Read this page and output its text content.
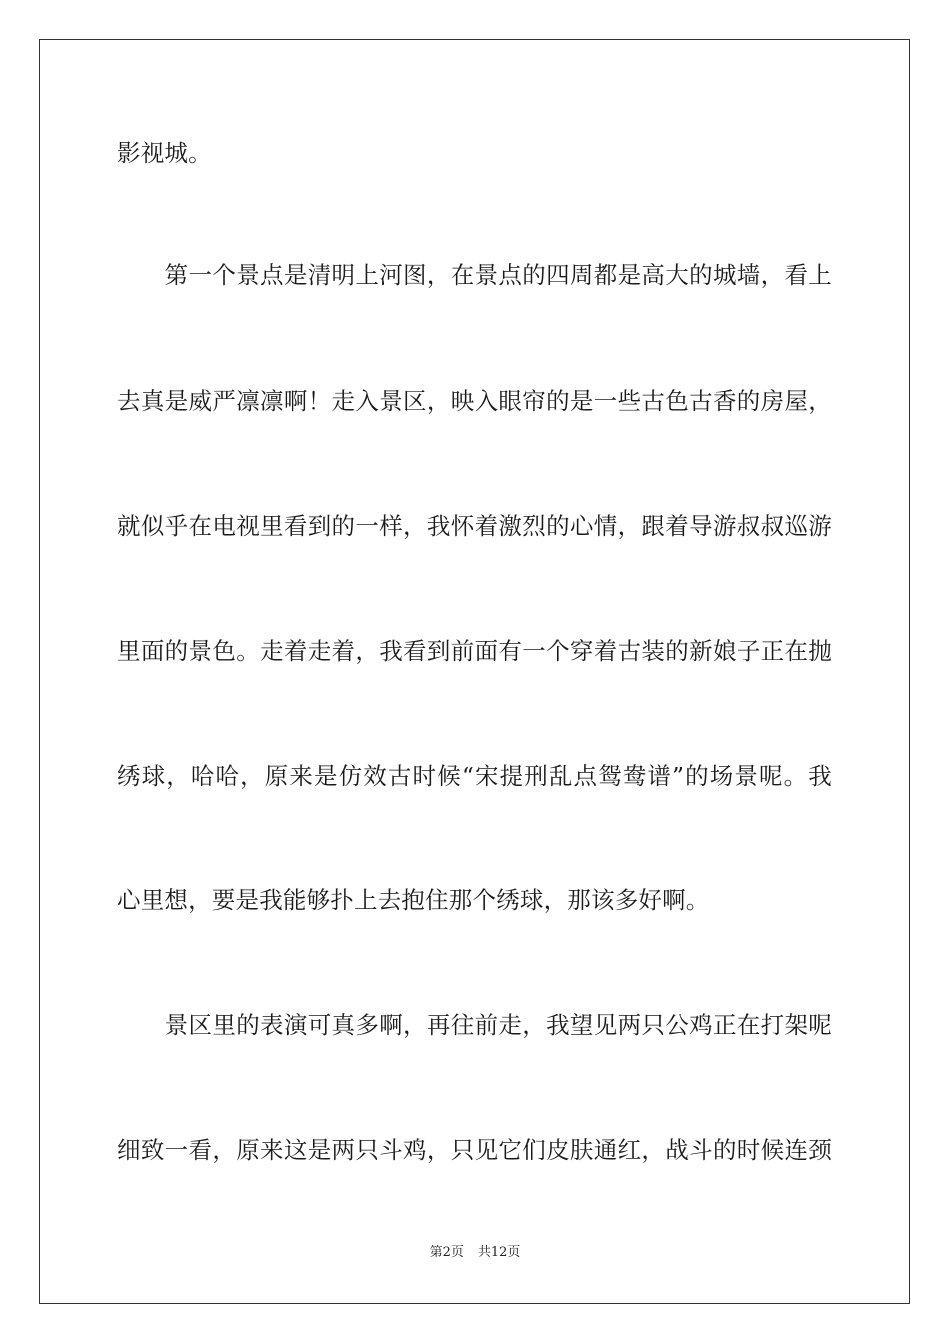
影视城。
　　第一个景点是清明上河图，在景点的四周都是高大的城墙，看上
去真是威严凛凛啊！走入景区，映入眼帘的是一些古色古香的房屋，
就似乎在电视里看到的一样，我怀着激烈的心情，跟着导游叔叔巡游
里面的景色。走着走着，我看到前面有一个穿着古装的新娘子正在抛
绣球，哈哈，原来是仿效古时候“宋提刑乱点鸳鸯谱”的场景呢。我
心里想，要是我能够扑上去抱住那个绣球，那该多好啊。
　　景区里的表演可真多啊，再往前走，我望见两只公鸡正在打架呢
细致一看，原来这是两只斗鸡，只见它们皮肤通红，战斗的时候连颈
第2页 共12页
